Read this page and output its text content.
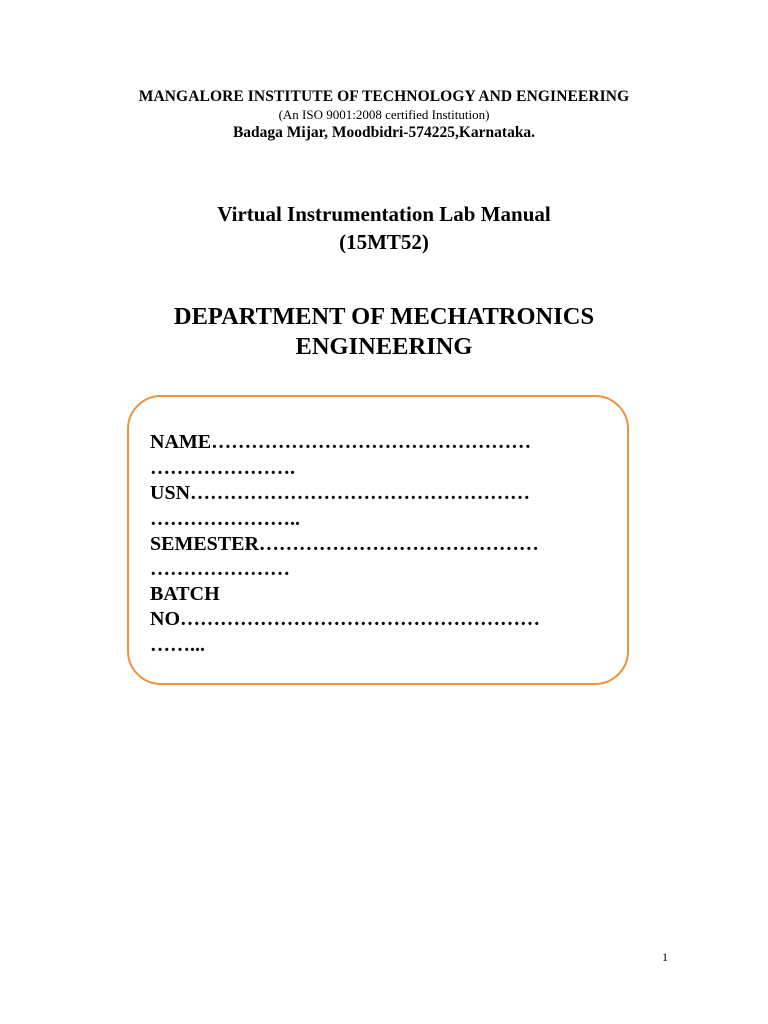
MANGALORE INSTITUTE OF TECHNOLOGY AND ENGINEERING
(An ISO 9001:2008 certified Institution)
Badaga Mijar, Moodbidri-574225,Karnataka.
Virtual Instrumentation Lab Manual
(15MT52)
DEPARTMENT OF MECHATRONICS
ENGINEERING
NAME…………………………………………
………………….
USN……………………………………………
…………………..
SEMESTER……………………………………
…………………
BATCH
NO………………………………………………
……...
1
